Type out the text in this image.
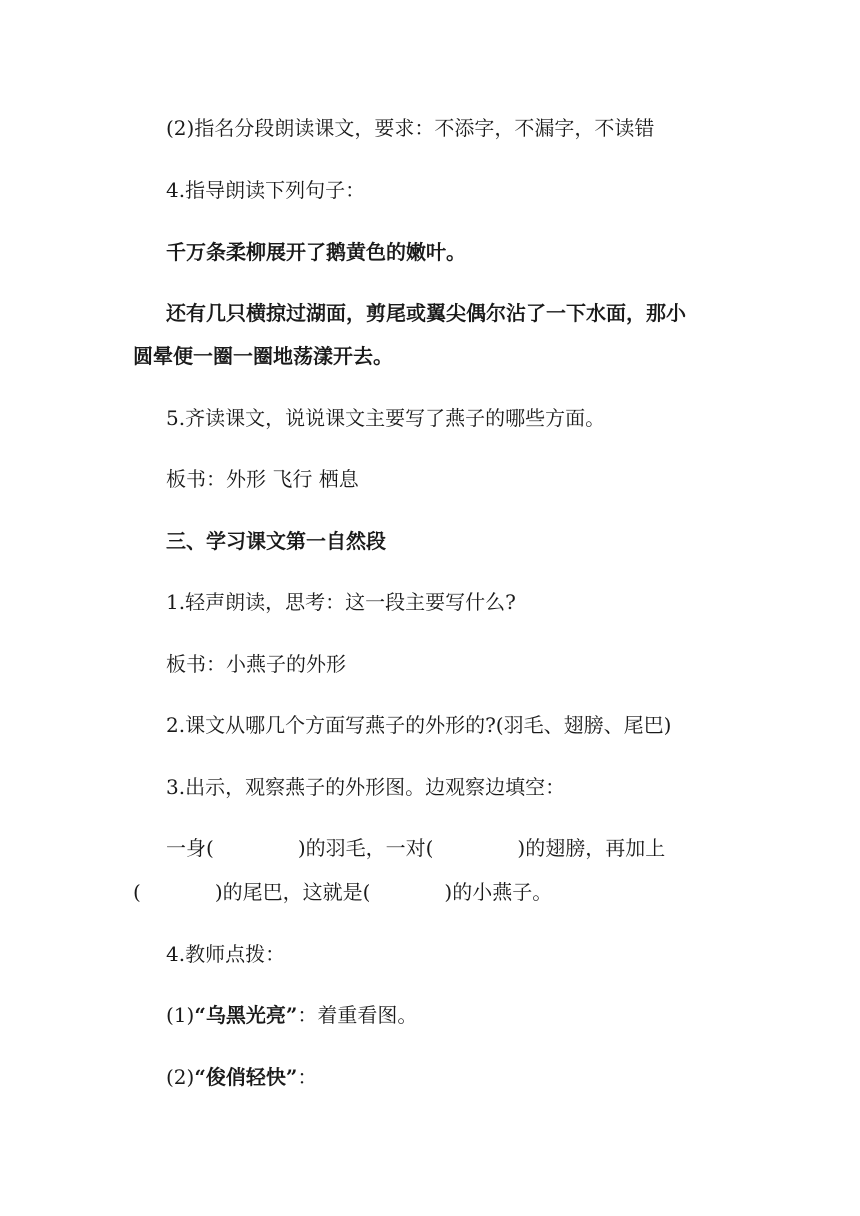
(2)指名分段朗读课文，要求：不添字，不漏字，不读错
4.指导朗读下列句子：
千万条柔柳展开了鹅黄色的嫩叶。
还有几只横掠过湖面，剪尾或翼尖偶尔沾了一下水面，那小
圆晕便一圈一圈地荡漾开去。
5.齐读课文，说说课文主要写了燕子的哪些方面。
板书：外形 飞行 栖息
三、学习课文第一自然段
1.轻声朗读，思考：这一段主要写什么?
板书：小燕子的外形
2.课文从哪几个方面写燕子的外形的?(羽毛、翅膀、尾巴)
3.出示，观察燕子的外形图。边观察边填空：
一身(	)的羽毛，一对(	)的翅膀，再加上
(	)的尾巴，这就是(	)的小燕子。
4.教师点拨：
(1)“乌黑光亮”：着重看图。
(2)“俊俏轻快”：
